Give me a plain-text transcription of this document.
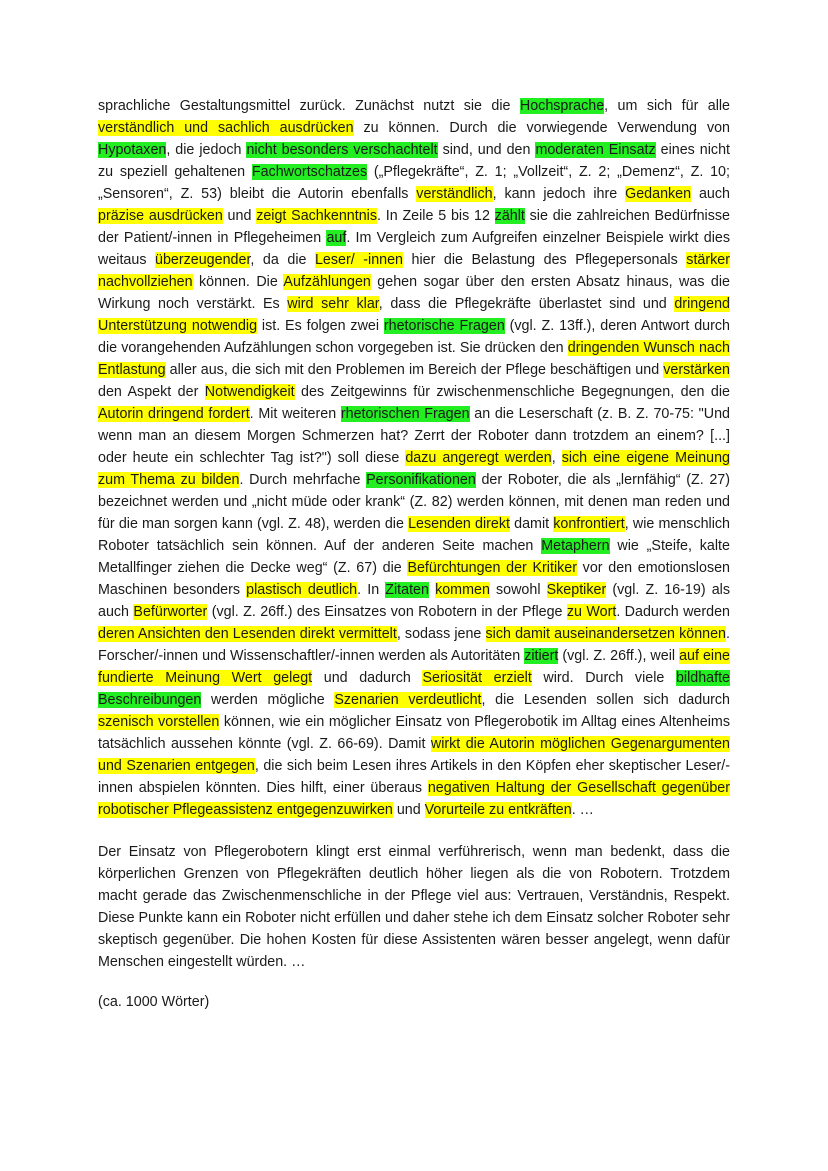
sprachliche Gestaltungsmittel zurück. Zunächst nutzt sie die Hochsprache, um sich für alle verständlich und sachlich ausdrücken zu können. Durch die vorwiegende Verwendung von Hypotaxen, die jedoch nicht besonders verschachtelt sind, und den moderaten Einsatz eines nicht zu speziell gehaltenen Fachwortschatzes („Pflegekräfte“, Z. 1; „Vollzeit“, Z. 2; „Demenz“, Z. 10; „Sensoren“, Z. 53) bleibt die Autorin ebenfalls verständlich, kann jedoch ihre Gedanken auch präzise ausdrücken und zeigt Sachkenntnis. In Zeile 5 bis 12 zählt sie die zahlreichen Bedürfnisse der Patient/-innen in Pflegeheimen auf. Im Vergleich zum Aufgreifen einzelner Beispiele wirkt dies weitaus überzeugender, da die Leser/ -innen hier die Belastung des Pflegepersonals stärker nachvollziehen können. Die Aufzählungen gehen sogar über den ersten Absatz hinaus, was die Wirkung noch verstärkt. Es wird sehr klar, dass die Pflegekräfte überlastet sind und dringend Unterstützung notwendig ist. Es folgen zwei rhetorische Fragen (vgl. Z. 13ff.), deren Antwort durch die vorangehenden Aufzählungen schon vorgegeben ist. Sie drücken den dringenden Wunsch nach Entlastung aller aus, die sich mit den Problemen im Bereich der Pflege beschäftigen und verstärken den Aspekt der Notwendigkeit des Zeitgewinns für zwischenmenschliche Begegnungen, den die Autorin dringend fordert. Mit weiteren rhetorischen Fragen an die Leserschaft (z. B. Z. 70-75: "Und wenn man an diesem Morgen Schmerzen hat? Zerrt der Roboter dann trotzdem an einem? [...] oder heute ein schlechter Tag ist?") soll diese dazu angeregt werden, sich eine eigene Meinung zum Thema zu bilden. Durch mehrfache Personifikationen der Roboter, die als „lernfähig“ (Z. 27) bezeichnet werden und „nicht müde oder krank“ (Z. 82) werden können, mit denen man reden und für die man sorgen kann (vgl. Z. 48), werden die Lesenden direkt damit konfrontiert, wie menschlich Roboter tatsächlich sein können. Auf der anderen Seite machen Metaphern wie „Steife, kalte Metallfinger ziehen die Decke weg“ (Z. 67) die Befürchtungen der Kritiker vor den emotionslosen Maschinen besonders plastisch deutlich. In Zitaten kommen sowohl Skeptiker (vgl. Z. 16-19) als auch Befürworter (vgl. Z. 26ff.) des Einsatzes von Robotern in der Pflege zu Wort. Dadurch werden deren Ansichten den Lesenden direkt vermittelt, sodass jene sich damit auseinandersetzen können. Forscher/-innen und Wissenschaftler/-innen werden als Autoritäten zitiert (vgl. Z. 26ff.), weil auf eine fundierte Meinung Wert gelegt und dadurch Seriosität erzielt wird. Durch viele bildhafte Beschreibungen werden mögliche Szenarien verdeutlicht, die Lesenden sollen sich dadurch szenisch vorstellen können, wie ein möglicher Einsatz von Pflegerobotik im Alltag eines Altenheims tatsächlich aussehen könnte (vgl. Z. 66-69). Damit wirkt die Autorin möglichen Gegenargumenten und Szenarien entgegen, die sich beim Lesen ihres Artikels in den Köpfen eher skeptischer Leser/-innen abspielen könnten. Dies hilft, einer überaus negativen Haltung der Gesellschaft gegenüber robotischer Pflegeassistenz entgegenzuwirken und Vorurteile zu entkräften. …

Der Einsatz von Pflegerobotern klingt erst einmal verführerisch, wenn man bedenkt, dass die körperlichen Grenzen von Pflegekräften deutlich höher liegen als die von Robotern. Trotzdem macht gerade das Zwischenmenschliche in der Pflege viel aus: Vertrauen, Verständnis, Respekt. Diese Punkte kann ein Roboter nicht erfüllen und daher stehe ich dem Einsatz solcher Roboter sehr skeptisch gegenüber. Die hohen Kosten für diese Assistenten wären besser angelegt, wenn dafür Menschen eingestellt würden. …

(ca. 1000 Wörter)
